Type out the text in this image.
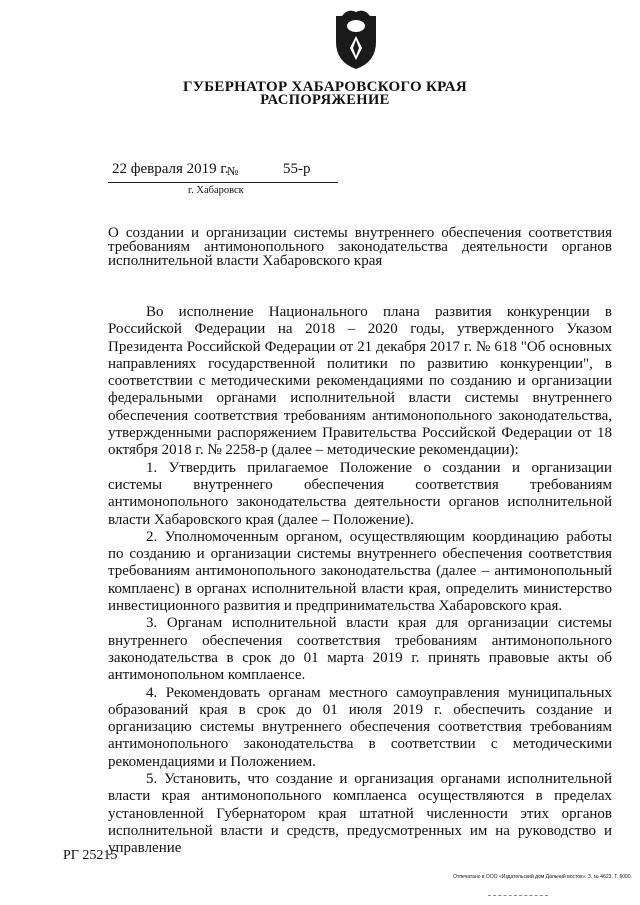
ГУБЕРНАТОР ХАБАРОВСКОГО КРАЯ
РАСПОРЯЖЕНИЕ
22 февраля 2019 г.
№	55-р
г. Хабаровск
О создании и организации системы внутреннего обеспечения соответствия требованиям антимонопольного законодательства деятельности органов исполнительной власти Хабаровского края

Во исполнение Национального плана развития конкуренции в Российской Федерации на 2018 – 2020 годы, утвержденного Указом Президента Российской Федерации от 21 декабря 2017 г. № 618 "Об основных направлениях государственной политики по развитию конкуренции", в соответствии с методическими рекомендациями по созданию и организации федеральными органами исполнительной власти системы внутреннего обеспечения соответствия требованиям антимонопольного законодательства, утвержденными распоряжением Правительства Российской Федерации от 18 октября 2018 г. № 2258-р (далее – методические рекомендации):

1. Утвердить прилагаемое Положение о создании и организации системы внутреннего обеспечения соответствия требованиям антимонопольного законодательства деятельности органов исполнительной власти Хабаровского края (далее – Положение).

2. Уполномоченным органом, осуществляющим координацию работы по созданию и организации системы внутреннего обеспечения соответствия требованиям антимонопольного законодательства (далее – антимонопольный комплаенс) в органах исполнительной власти края, определить министерство инвестиционного развития и предпринимательства Хабаровского края.

3. Органам исполнительной власти края для организации системы внутреннего обеспечения соответствия требованиям антимонопольного законодательства в срок до 01 марта 2019 г. принять правовые акты об антимонопольном комплаенсе.

4. Рекомендовать органам местного самоуправления муниципальных образований края в срок до 01 июля 2019 г. обеспечить создание и организацию системы внутреннего обеспечения соответствия требованиям антимонопольного законодательства в соответствии с методическими рекомендациями и Положением.

5. Установить, что создание и организация органами исполнительной власти края антимонопольного комплаенса осуществляются в пределах установленной Губернатором края штатной численности этих органов исполнительной власти и средств, предусмотренных им на руководство и управление

РГ 25215
Отпечатано в ООО «Издательский дом Дальний восток». З. № 4623. Т. 6000.
